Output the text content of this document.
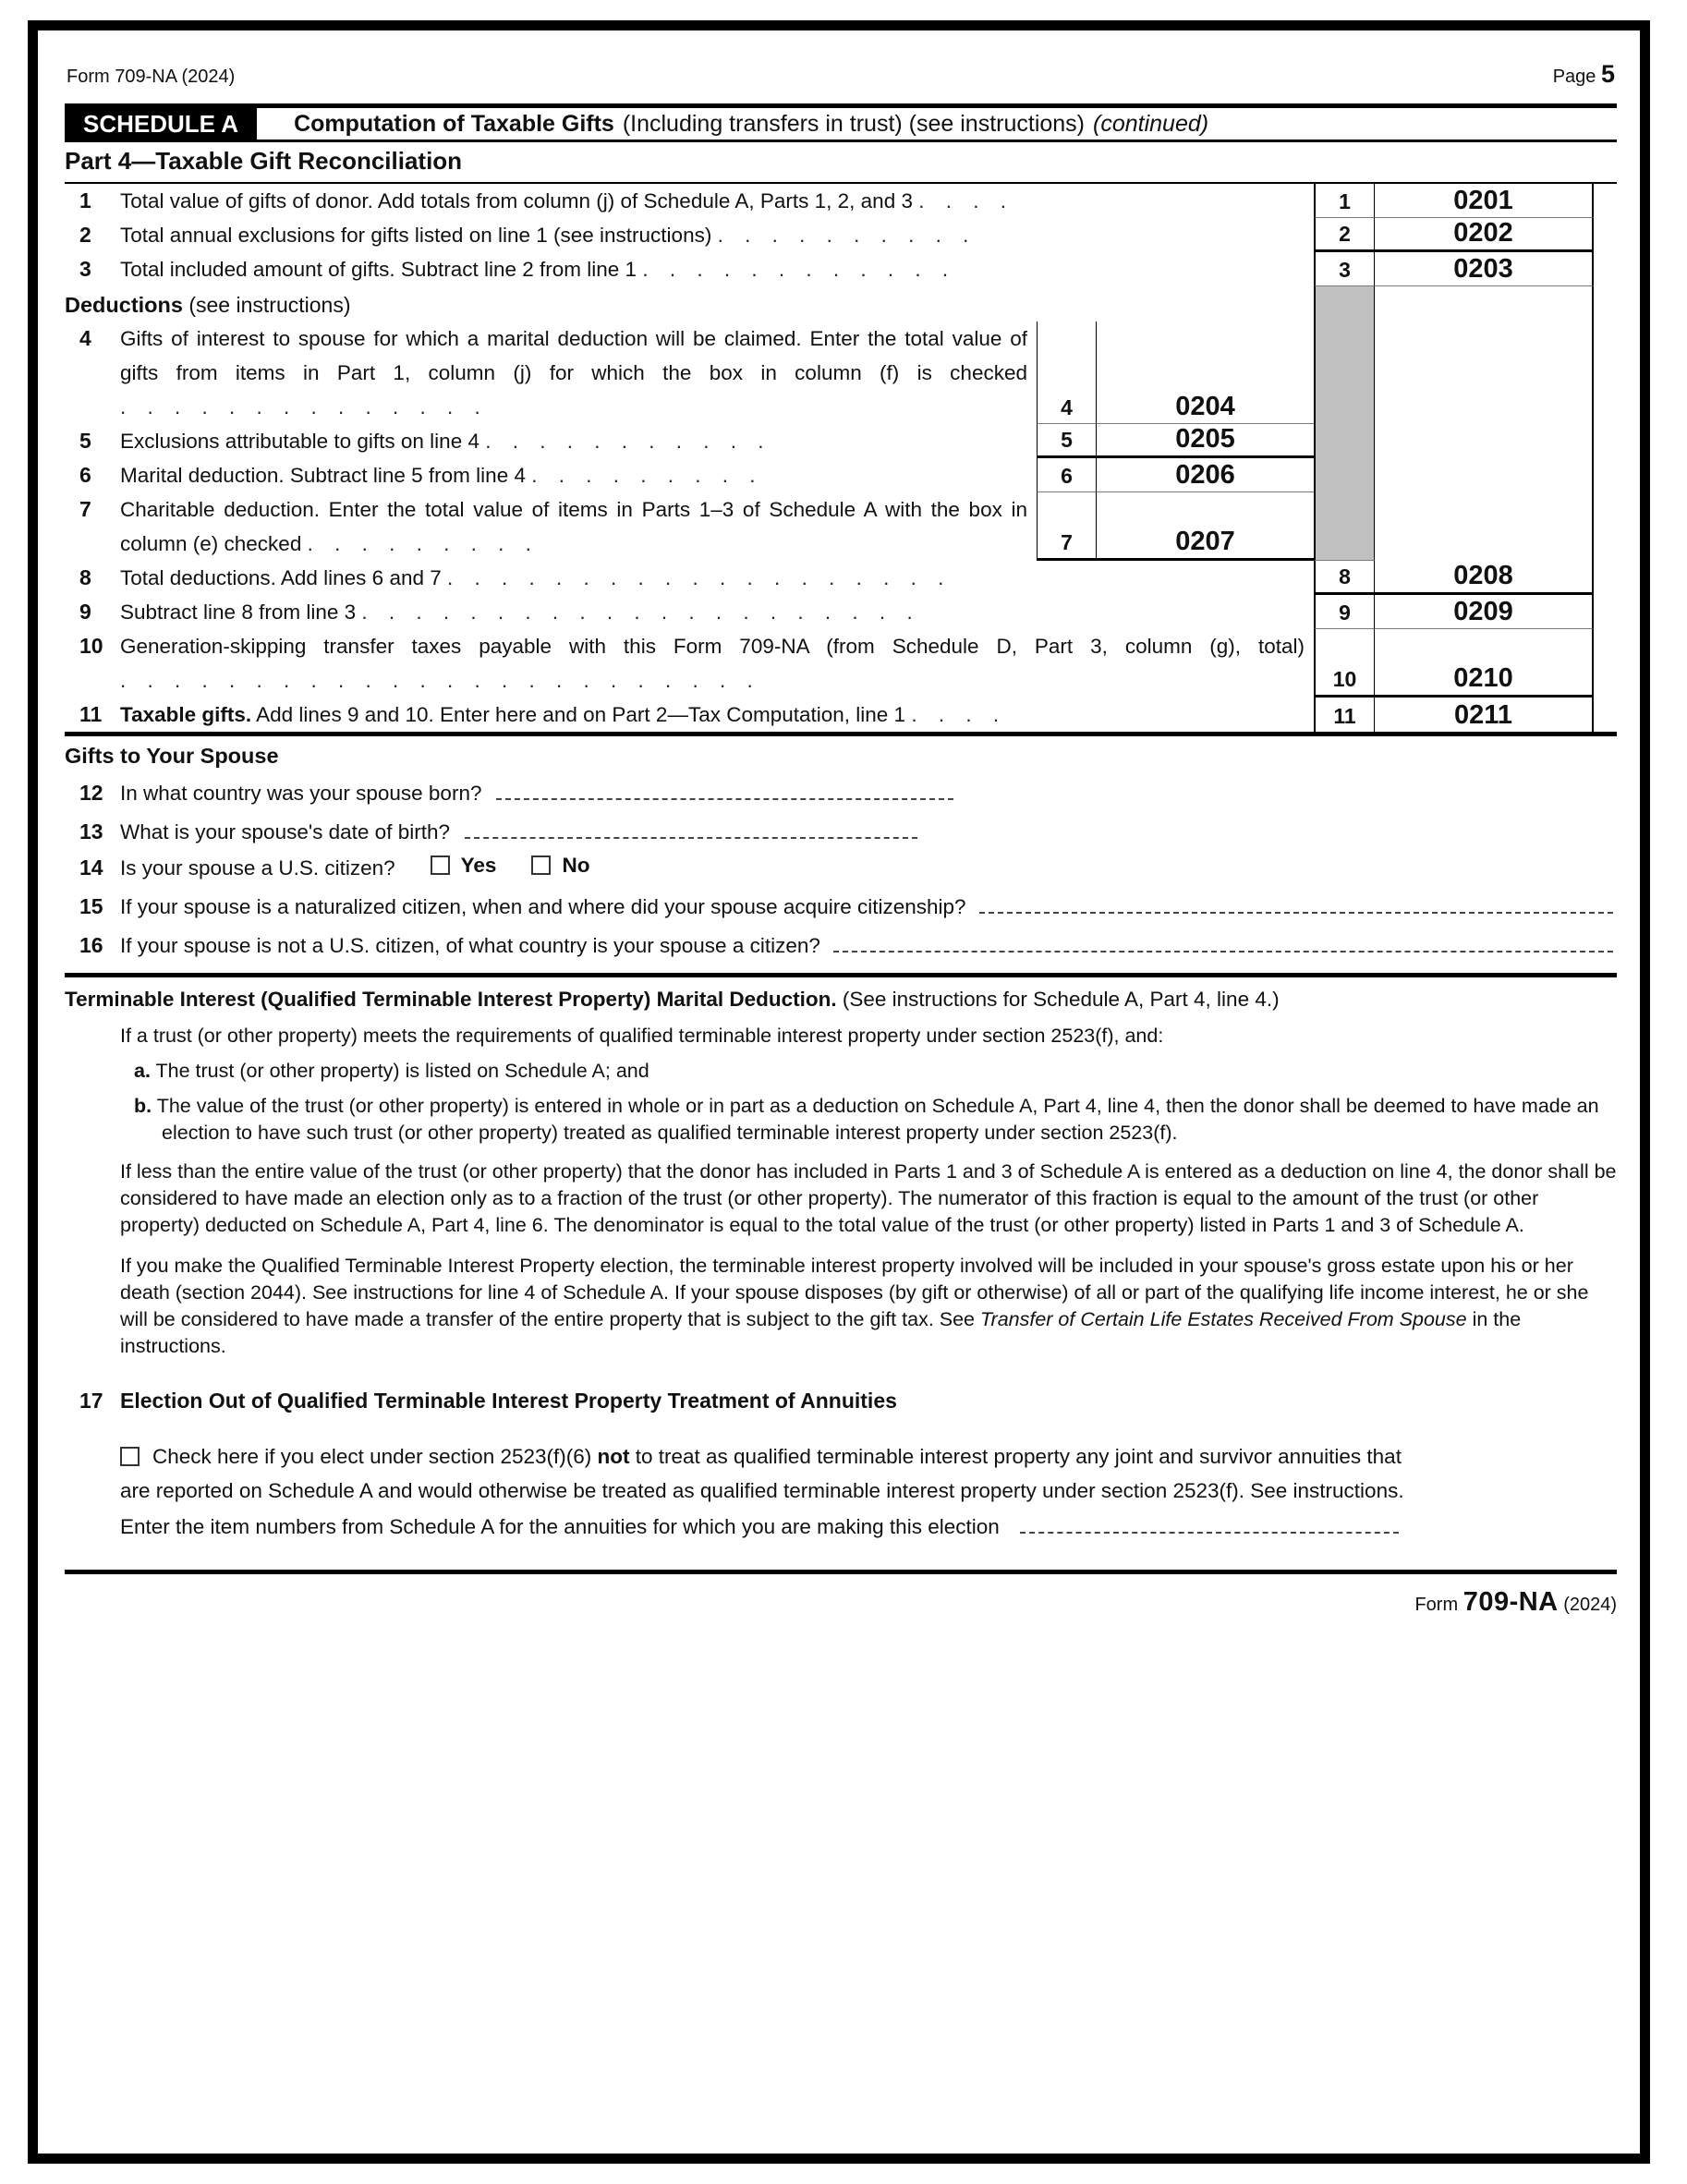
Form 709-NA (2024)	Page 5
SCHEDULE A	Computation of Taxable Gifts (Including transfers in trust) (see instructions) (continued)
Part 4—Taxable Gift Reconciliation
1	Total value of gifts of donor. Add totals from column (j) of Schedule A, Parts 1, 2, and 3 . . . .	1	0201
2	Total annual exclusions for gifts listed on line 1 (see instructions) . . . . . . . . . .	2	0202
3	Total included amount of gifts. Subtract line 2 from line 1 . . . . . . . . . . . .	3	0203
Deductions (see instructions)
4	Gifts of interest to spouse for which a marital deduction will be claimed. Enter the total value of gifts from items in Part 1, column (j) for which the box in column (f) is checked . . . . . . . . . . . . . .	4	0204
5	Exclusions attributable to gifts on line 4 . . . . . . . . . . .	5	0205
6	Marital deduction. Subtract line 5 from line 4 . . . . . . . . .	6	0206
7	Charitable deduction. Enter the total value of items in Parts 1–3 of Schedule A with the box in column (e) checked . . . . . . . . .	7	0207
8	Total deductions. Add lines 6 and 7 . . . . . . . . . . . . . . . . . . .	8	0208
9	Subtract line 8 from line 3 . . . . . . . . . . . . . . . . . . . . .	9	0209
10 Generation-skipping transfer taxes payable with this Form 709-NA (from Schedule D, Part 3, column (g), total) . . . . . . . . . . . . . . . . . . . . . . . .	10	0210
11 Taxable gifts. Add lines 9 and 10. Enter here and on Part 2—Tax Computation, line 1 . . . .	11	0211
Gifts to Your Spouse
12 In what country was your spouse born?
13 What is your spouse's date of birth?
14 Is your spouse a U.S. citizen?	Yes	No
15 If your spouse is a naturalized citizen, when and where did your spouse acquire citizenship?
16 If your spouse is not a U.S. citizen, of what country is your spouse a citizen?
Terminable Interest (Qualified Terminable Interest Property) Marital Deduction. (See instructions for Schedule A, Part 4, line 4.)
If a trust (or other property) meets the requirements of qualified terminable interest property under section 2523(f), and:
a. The trust (or other property) is listed on Schedule A; and
b. The value of the trust (or other property) is entered in whole or in part as a deduction on Schedule A, Part 4, line 4, then the donor shall be deemed to have made an election to have such trust (or other property) treated as qualified terminable interest property under section 2523(f).
If less than the entire value of the trust (or other property) that the donor has included in Parts 1 and 3 of Schedule A is entered as a deduction on line 4, the donor shall be considered to have made an election only as to a fraction of the trust (or other property). The numerator of this fraction is equal to the amount of the trust (or other property) deducted on Schedule A, Part 4, line 6. The denominator is equal to the total value of the trust (or other property) listed in Parts 1 and 3 of Schedule A.
If you make the Qualified Terminable Interest Property election, the terminable interest property involved will be included in your spouse's gross estate upon his or her death (section 2044). See instructions for line 4 of Schedule A. If your spouse disposes (by gift or otherwise) of all or part of the qualifying life income interest, he or she will be considered to have made a transfer of the entire property that is subject to the gift tax. See Transfer of Certain Life Estates Received From Spouse in the instructions.
17 Election Out of Qualified Terminable Interest Property Treatment of Annuities
Check here if you elect under section 2523(f)(6) not to treat as qualified terminable interest property any joint and survivor annuities that are reported on Schedule A and would otherwise be treated as qualified terminable interest property under section 2523(f). See instructions. Enter the item numbers from Schedule A for the annuities for which you are making this election
Form 709-NA (2024)
